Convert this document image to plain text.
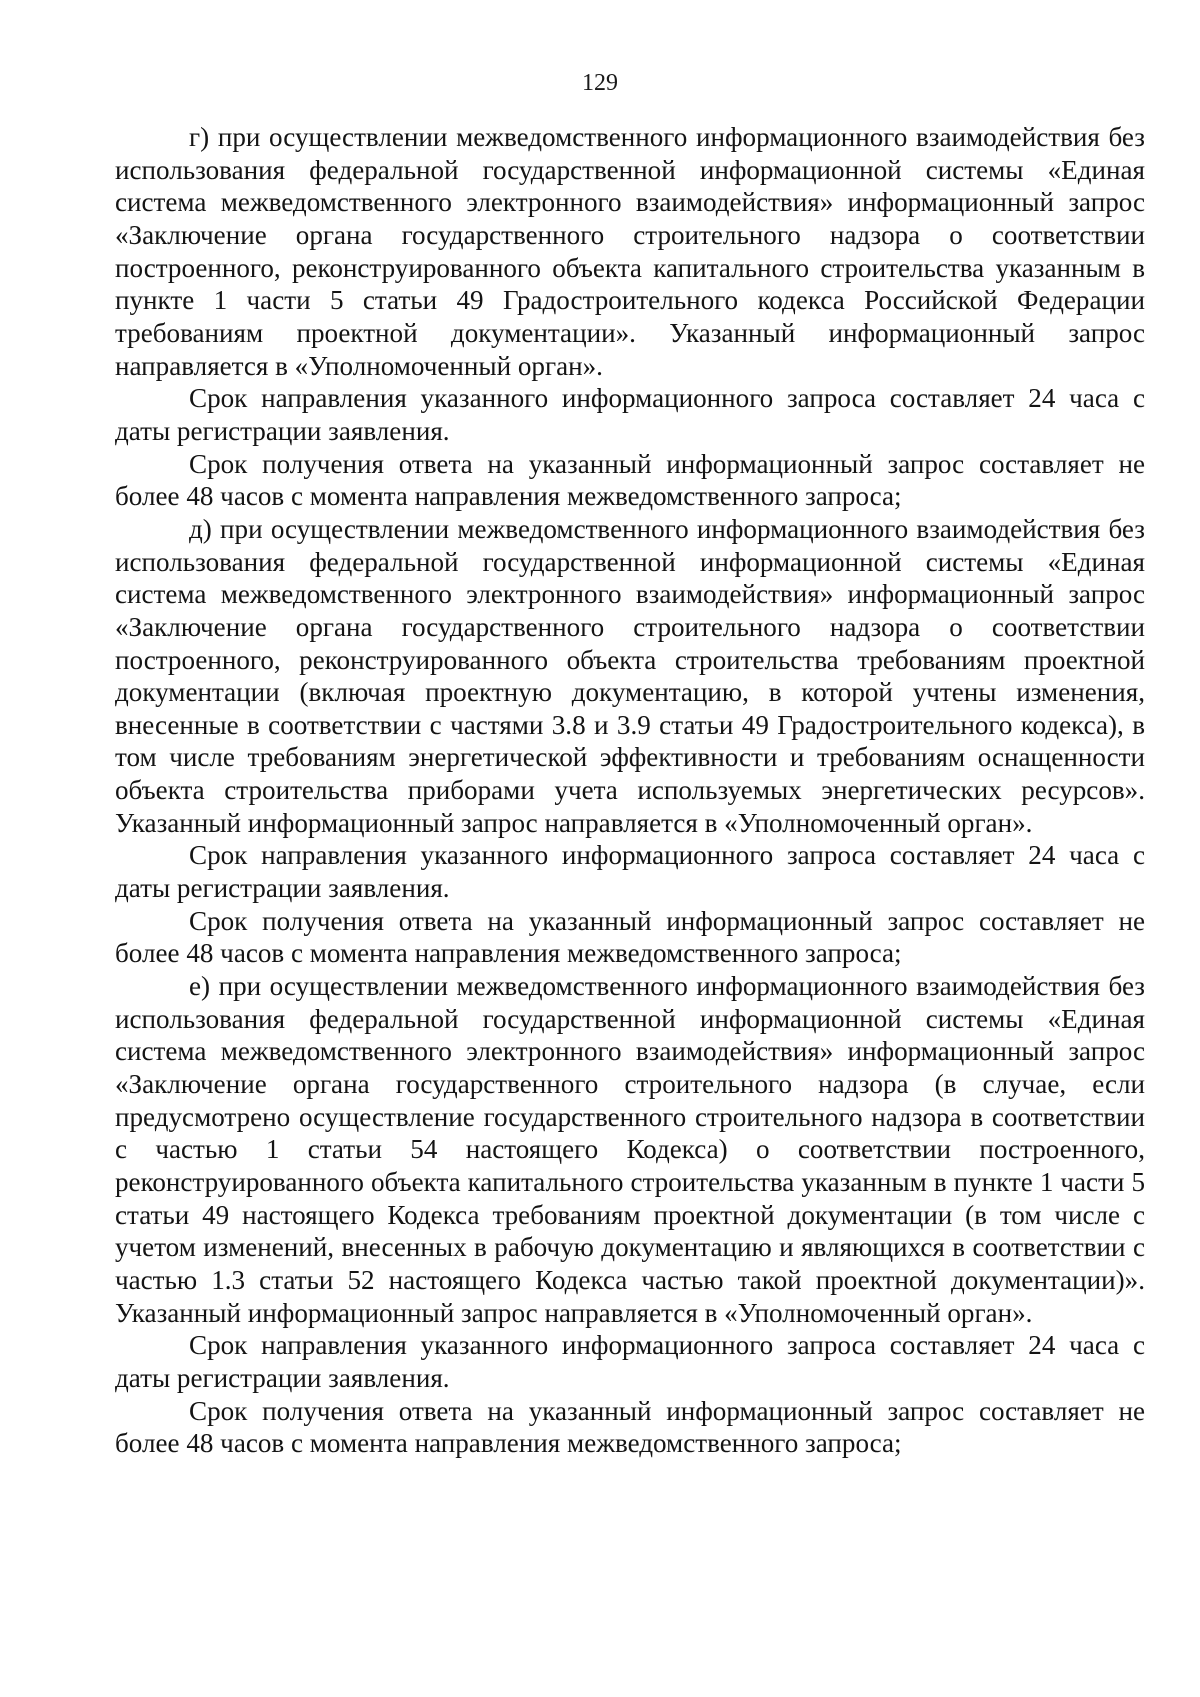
129

г) при осуществлении межведомственного информационного взаимодействия без использования федеральной государственной информационной системы «Единая система межведомственного электронного взаимодействия» информационный запрос «Заключение органа государственного строительного надзора о соответствии построенного, реконструированного объекта капитального строительства указанным в пункте 1 части 5 статьи 49 Градостроительного кодекса Российской Федерации требованиям проектной документации». Указанный информационный запрос направляется в «Уполномоченный орган».

Срок направления указанного информационного запроса составляет 24 часа с даты регистрации заявления.

Срок получения ответа на указанный информационный запрос составляет не более 48 часов с момента направления межведомственного запроса;

д) при осуществлении межведомственного информационного взаимодействия без использования федеральной государственной информационной системы «Единая система межведомственного электронного взаимодействия» информационный запрос «Заключение органа государственного строительного надзора о соответствии построенного, реконструированного объекта строительства требованиям проектной документации (включая проектную документацию, в которой учтены изменения, внесенные в соответствии с частями 3.8 и 3.9 статьи 49 Градостроительного кодекса), в том числе требованиям энергетической эффективности и требованиям оснащенности объекта строительства приборами учета используемых энергетических ресурсов». Указанный информационный запрос направляется в «Уполномоченный орган».

Срок направления указанного информационного запроса составляет 24 часа с даты регистрации заявления.

Срок получения ответа на указанный информационный запрос составляет не более 48 часов с момента направления межведомственного запроса;

е) при осуществлении межведомственного информационного взаимодействия без использования федеральной государственной информационной системы «Единая система межведомственного электронного взаимодействия» информационный запрос «Заключение органа государственного строительного надзора (в случае, если предусмотрено осуществление государственного строительного надзора в соответствии с частью 1 статьи 54 настоящего Кодекса) о соответствии построенного, реконструированного объекта капитального строительства указанным в пункте 1 части 5 статьи 49 настоящего Кодекса требованиям проектной документации (в том числе с учетом изменений, внесенных в рабочую документацию и являющихся в соответствии с частью 1.3 статьи 52 настоящего Кодекса частью такой проектной документации)». Указанный информационный запрос направляется в «Уполномоченный орган».

Срок направления указанного информационного запроса составляет 24 часа с даты регистрации заявления.

Срок получения ответа на указанный информационный запрос составляет не более 48 часов с момента направления межведомственного запроса;
